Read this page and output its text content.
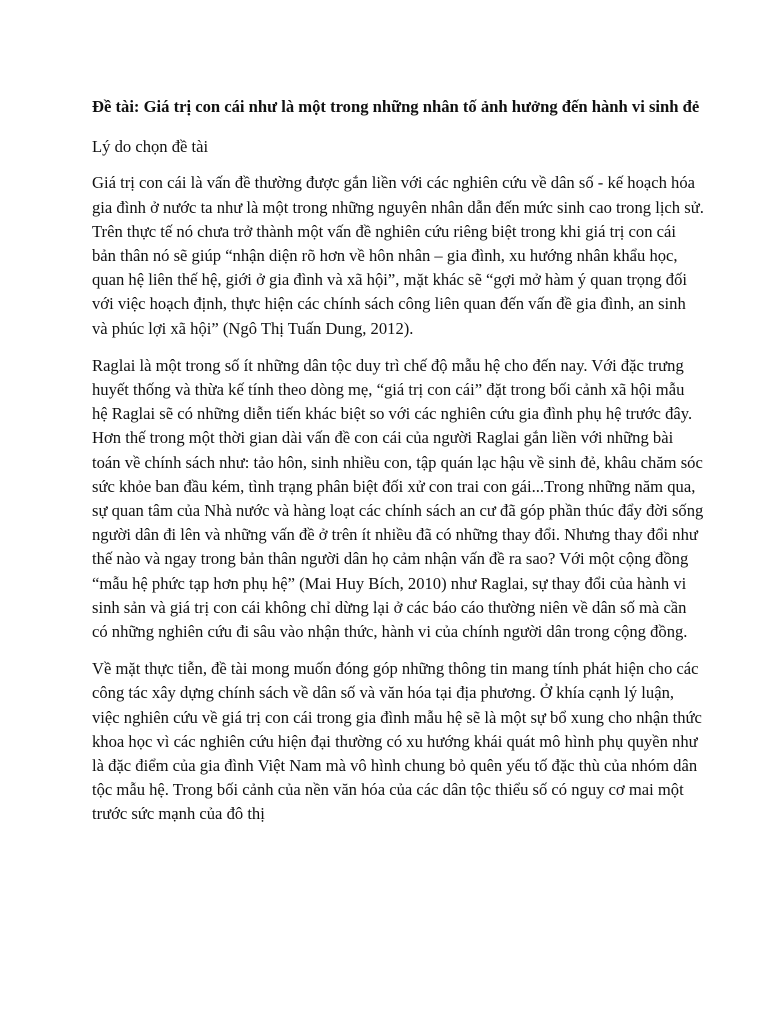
Đề tài: Giá trị con cái như là một trong những nhân tố ảnh hưởng đến hành vi sinh đẻ
Lý do chọn đề tài
Giá trị con cái là vấn đề thường được gắn liền với các nghiên cứu về dân số - kế hoạch hóa gia đình ở nước ta như là một trong những nguyên nhân dẫn đến mức sinh cao trong lịch sử. Trên thực tế nó chưa trở thành một vấn đề nghiên cứu riêng biệt trong khi giá trị con cái bản thân nó sẽ giúp “nhận diện rõ hơn về hôn nhân – gia đình, xu hướng nhân khẩu học, quan hệ liên thế hệ, giới ở gia đình và xã hội”, mặt khác sẽ “gợi mở hàm ý quan trọng đối với việc hoạch định, thực hiện các chính sách công liên quan đến vấn đề gia đình, an sinh và phúc lợi xã hội” (Ngô Thị Tuấn Dung, 2012).
Raglai là một trong số ít những dân tộc duy trì chế độ mẫu hệ cho đến nay. Với đặc trưng huyết thống và thừa kế tính theo dòng mẹ, “giá trị con cái” đặt trong bối cảnh xã hội mẫu hệ Raglai sẽ có những diễn tiến khác biệt so với các nghiên cứu gia đình phụ hệ trước đây. Hơn thế trong một thời gian dài vấn đề con cái của người Raglai gắn liền với những bài toán về chính sách như: tảo hôn, sinh nhiều con, tập quán lạc hậu về sinh đẻ, khâu chăm sóc sức khỏe ban đầu kém, tình trạng phân biệt đối xử con trai con gái...Trong những năm qua, sự quan tâm của Nhà nước và hàng loạt các chính sách an cư đã góp phần thúc đẩy đời sống người dân đi lên và những vấn đề ở trên ít nhiều đã có những thay đổi. Nhưng thay đổi như thế nào và ngay trong bản thân người dân họ cảm nhận vấn đề ra sao? Với một cộng đồng “mẫu hệ phức tạp hơn phụ hệ” (Mai Huy Bích, 2010) như Raglai, sự thay đổi của hành vi sinh sản và giá trị con cái không chỉ dừng lại ở các báo cáo thường niên về dân số mà cần có những nghiên cứu đi sâu vào nhận thức, hành vi của chính người dân trong cộng đồng.
Về mặt thực tiễn, đề tài mong muốn đóng góp những thông tin mang tính phát hiện cho các công tác xây dựng chính sách về dân số và văn hóa tại địa phương. Ở khía cạnh lý luận, việc nghiên cứu về giá trị con cái trong gia đình mẫu hệ sẽ là một sự bổ xung cho nhận thức khoa học vì các nghiên cứu hiện đại thường có xu hướng khái quát mô hình phụ quyền như là đặc điểm của gia đình Việt Nam mà vô hình chung bỏ quên yếu tố đặc thù của nhóm dân tộc mẫu hệ. Trong bối cảnh của nền văn hóa của các dân tộc thiểu số có nguy cơ mai một trước sức mạnh của đô thị
